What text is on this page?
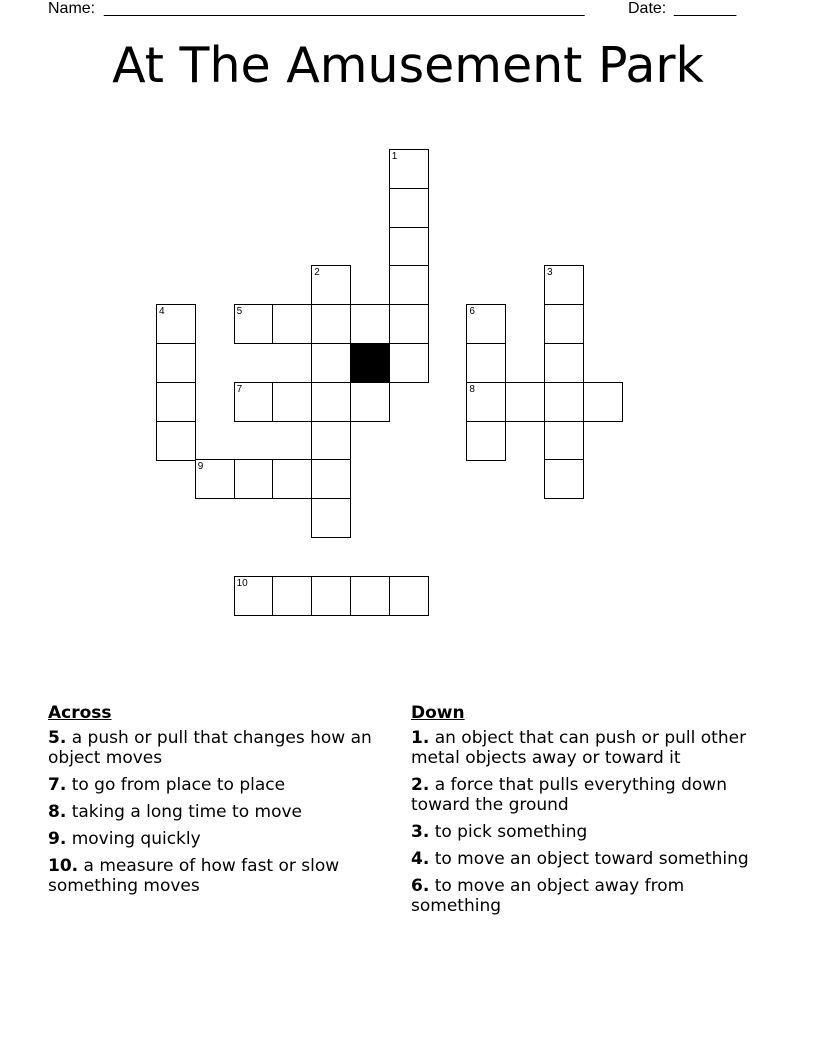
Name: ______________________________________________________	Date: _______
At The Amusement Park
1
2	3
4	5	6
8
7
9
10
Across
5. a push or pull that changes how an object moves
7. to go from place to place
8. taking a long time to move
9. moving quickly
10. a measure of how fast or slow something moves
Down
1. an object that can push or pull other metal objects away or toward it
2. a force that pulls everything down toward the ground
3. to pick something
4. to move an object toward something
6. to move an object away from something
